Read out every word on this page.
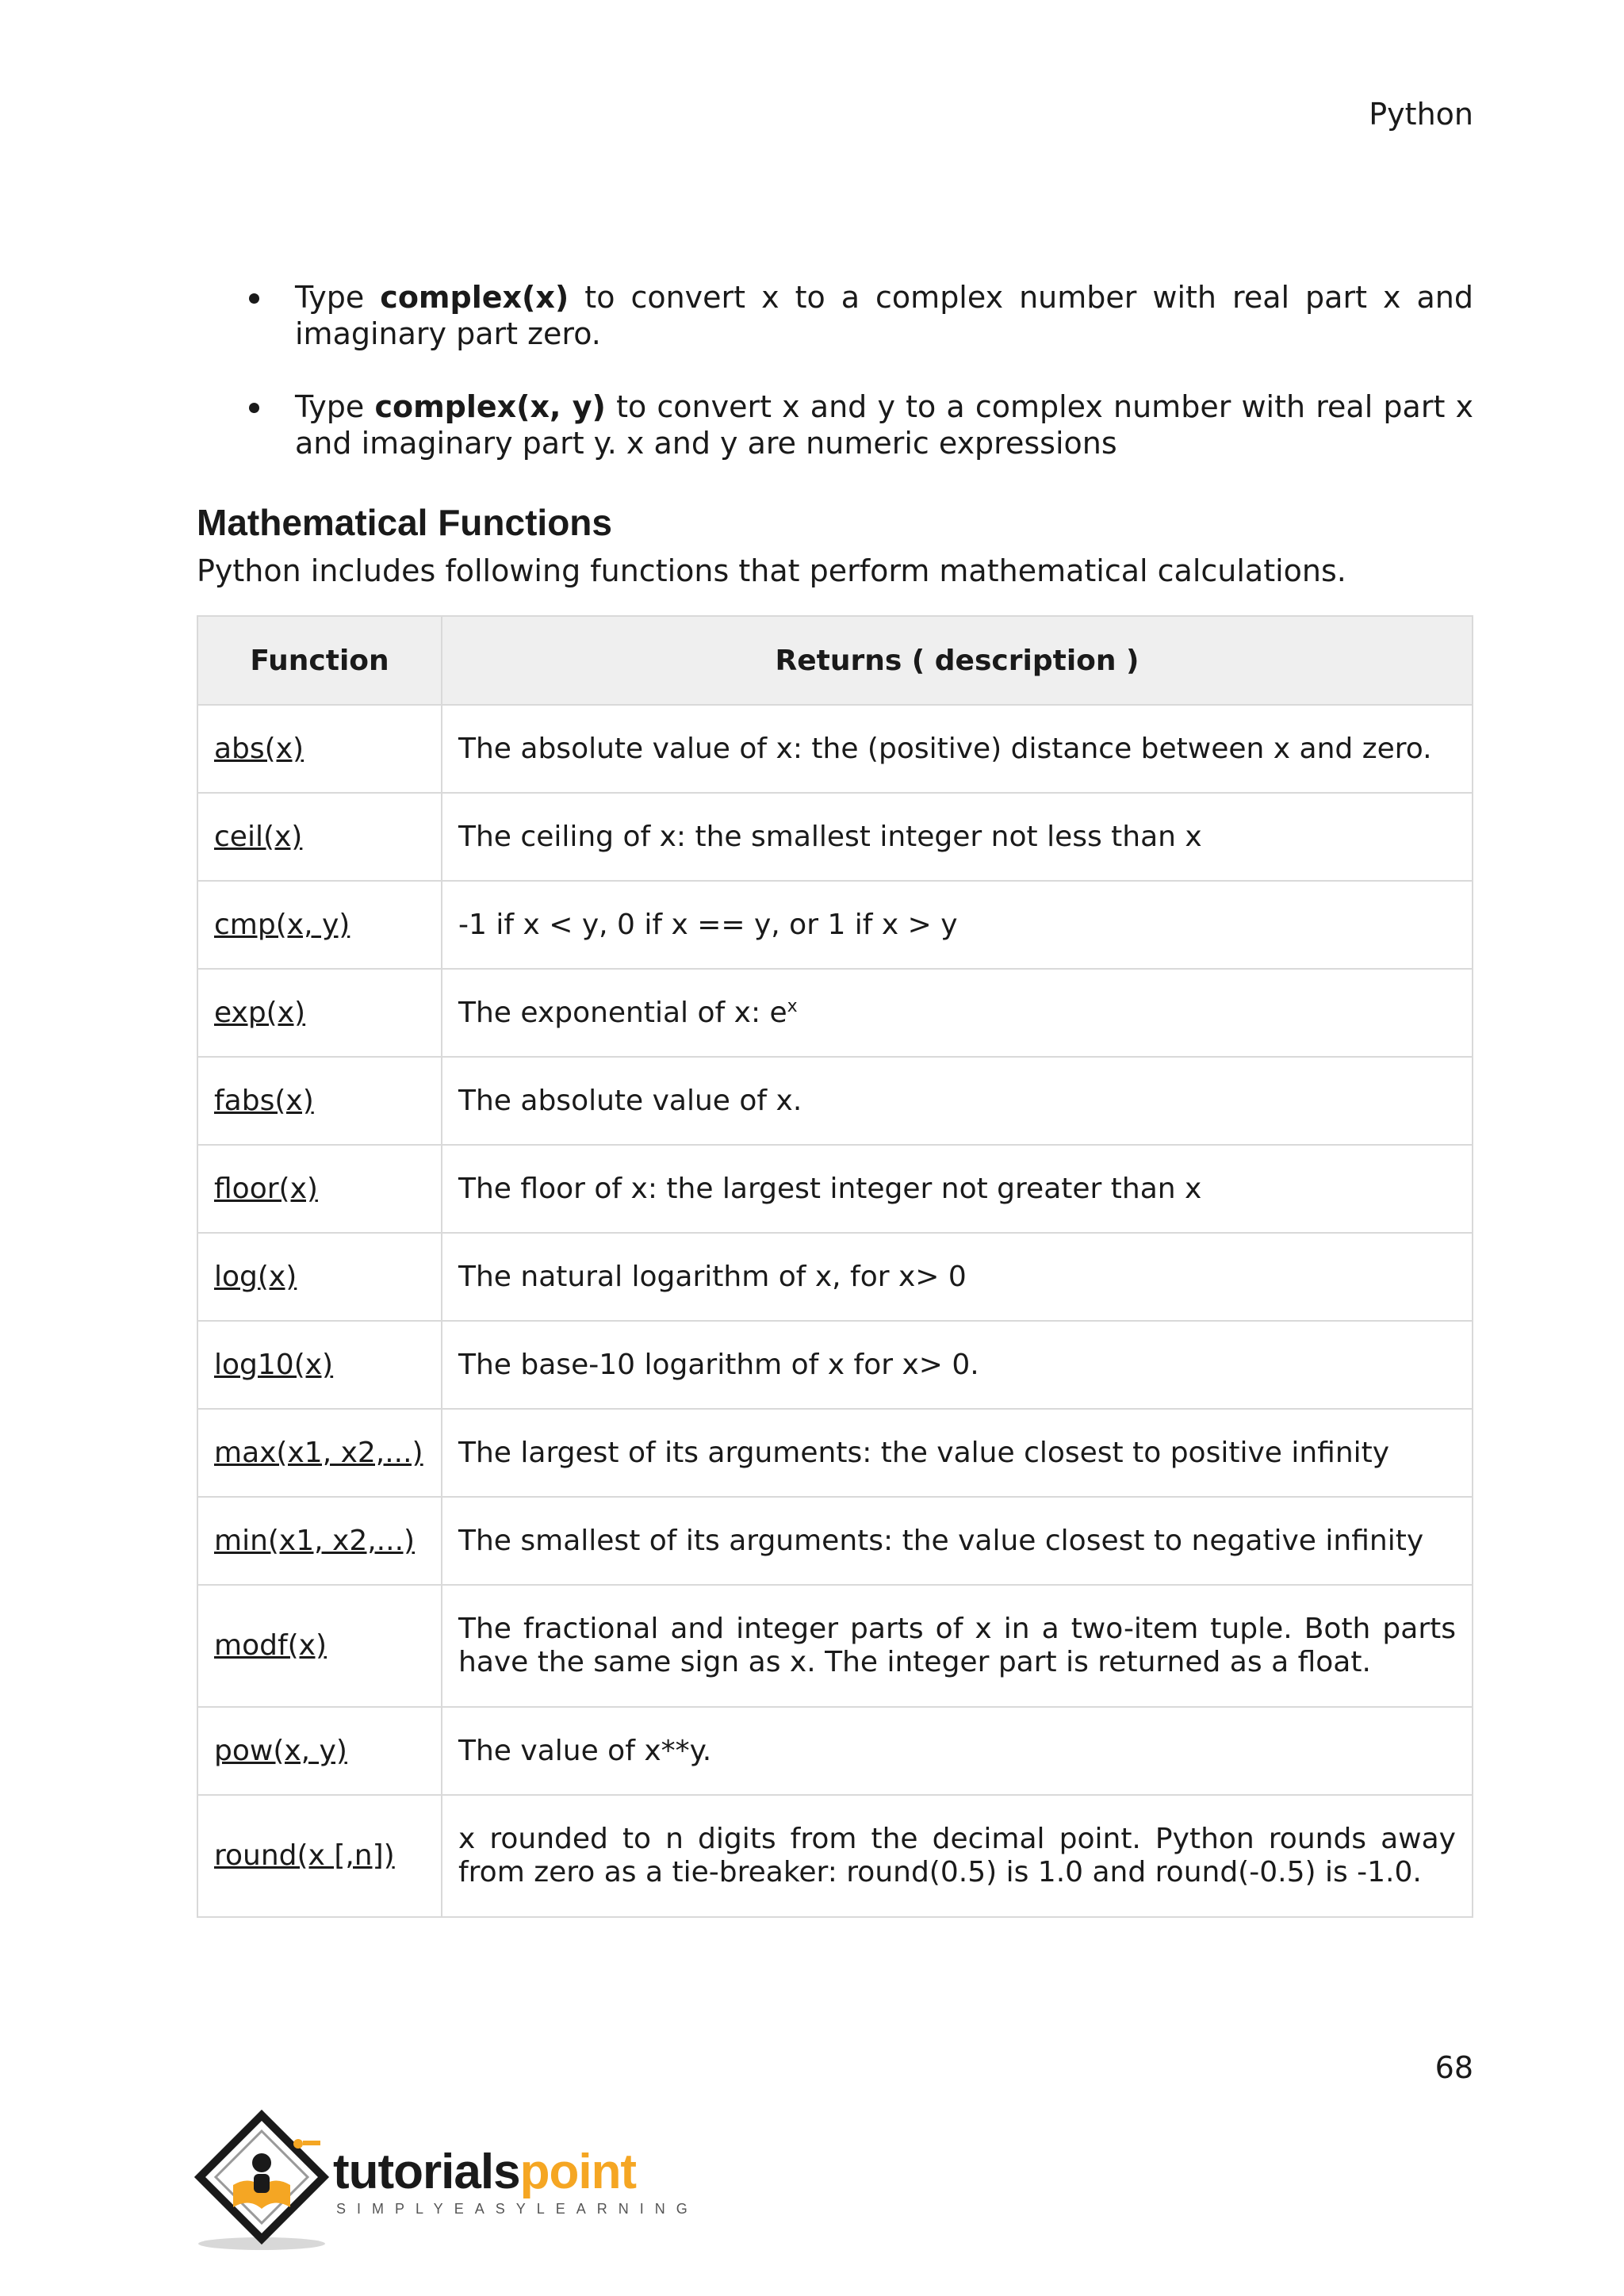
Python
Type complex(x) to convert x to a complex number with real part x and imaginary part zero.
Type complex(x, y) to convert x and y to a complex number with real part x and imaginary part y. x and y are numeric expressions
Mathematical Functions

Python includes following functions that perform mathematical calculations.

Function	Returns ( description )
abs(x)	The absolute value of x: the (positive) distance between x and zero.
ceil(x)	The ceiling of x: the smallest integer not less than x
cmp(x, y)	-1 if x < y, 0 if x == y, or 1 if x > y
exp(x)	The exponential of x: $e^x$
fabs(x)	The absolute value of x.
floor(x)	The floor of x: the largest integer not greater than x
log(x)	The natural logarithm of x, for x> 0
log10(x)	The base-10 logarithm of x for x> 0.
max(x1, x2,...)	The largest of its arguments: the value closest to positive infinity
min(x1, x2,...)	The smallest of its arguments: the value closest to negative infinity
modf(x)	The fractional and integer parts of x in a two-item tuple. Both parts have the same sign as x. The integer part is returned as a float.
pow(x, y)	The value of x**y.
round(x [,n])	x rounded to n digits from the decimal point. Python rounds away from zero as a tie-breaker: round(0.5) is 1.0 and round(-0.5) is -1.0.
68
tutorialspoint
SIMPLYEASYLEARNING
